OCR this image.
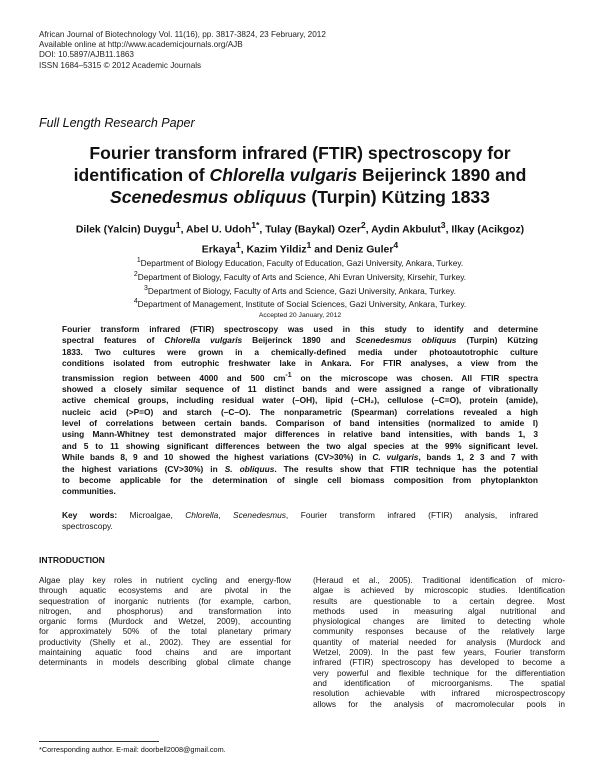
African Journal of Biotechnology Vol. 11(16), pp. 3817-3824, 23 February, 2012
Available online at http://www.academicjournals.org/AJB
DOI: 10.5897/AJB11.1863
ISSN 1684–5315 © 2012 Academic Journals
Full Length Research Paper
Fourier transform infrared (FTIR) spectroscopy for
identification of Chlorella vulgaris Beijerinck 1890 and
Scenedesmus obliquus (Turpin) Kützing 1833
Dilek (Yalcin) Duygu$^1$, Abel U. Udoh$^{1*}$, Tulay (Baykal) Ozer$^2$, Aydin Akbulut$^3$, Ilkay (Acikgoz)
Erkaya$^1$, Kazim Yildiz$^1$ and Deniz Guler$^4$
$^1$Department of Biology Education, Faculty of Education, Gazi University, Ankara, Turkey.
$^2$Department of Biology, Faculty of Arts and Science, Ahi Evran University, Kirsehir, Turkey.
$^3$Department of Biology, Faculty of Arts and Science, Gazi University, Ankara, Turkey.
$^4$Department of Management, Institute of Social Sciences, Gazi University, Ankara, Turkey.
Accepted 20 January, 2012
Fourier transform infrared (FTIR) spectroscopy was used in this study to identify and determine
spectral features of Chlorella vulgaris Beijerinck 1890 and Scenedesmus obliquus (Turpin) Kützing
1833. Two cultures were grown in a chemically-defined media under photoautotrophic culture
conditions isolated from eutrophic freshwater lake in Ankara. For FTIR analyses, a view from the
transmission region between 4000 and 500 $cm^{-1}$ on the microscope was chosen. All FTIR spectra
showed a closely similar sequence of 11 distinct bands and were assigned a range of vibrationally
active chemical groups, including residual water (–OH), lipid (–CH₂), cellulose (–C=O), protein (amide),
nucleic acid (>P=O) and starch (–C–O). The nonparametric (Spearman) correlations revealed a high
level of correlations between certain bands. Comparison of band intensities (normalized to amide I)
using Mann-Whitney test demonstrated major differences in relative band intensities, with bands 1, 3
and 5 to 11 showing significant differences between the two algal species at the 99% significant level.
While bands 8, 9 and 10 showed the highest variations (CV>30%) in C. vulgaris, bands 1, 2 3 and 7 with
the highest variations (CV>30%) in S. obliquus. The results show that FTIR technique has the potential
to become applicable for the determination of single cell biomass composition from phytoplankton
communities.
Key words: Microalgae, Chlorella, Scenedesmus, Fourier transform infrared (FTIR) analysis, infrared
spectroscopy.
INTRODUCTION
Algae play key roles in nutrient cycling and energy-flow
through aquatic ecosystems and are pivotal in the
sequestration of inorganic nutrients (for example, carbon,
nitrogen, and phosphorus) and transformation into
organic forms (Murdock and Wetzel, 2009), accounting
for approximately 50% of the total planetary primary
productivity (Shelly et al., 2002). They are essential for
maintaining aquatic food chains and are important
determinants in models describing global climate change
(Heraud et al., 2005). Traditional identification of micro-
algae is achieved by microscopic studies. Identification
results are questionable to a certain degree. Most
methods used in measuring algal nutritional and
physiological changes are limited to detecting whole
community responses because of the relatively large
quantity of material needed for analysis (Murdock and
Wetzel, 2009). In the past few years, Fourier transform
infrared (FTIR) spectroscopy has developed to become a
very powerful and flexible technique for the differentiation
and identification of microorganisms. The spatial
resolution achievable with infrared microspectroscopy
allows for the analysis of macromolecular pools in
*Corresponding author. E-mail: doorbell2008@gmail.com.
